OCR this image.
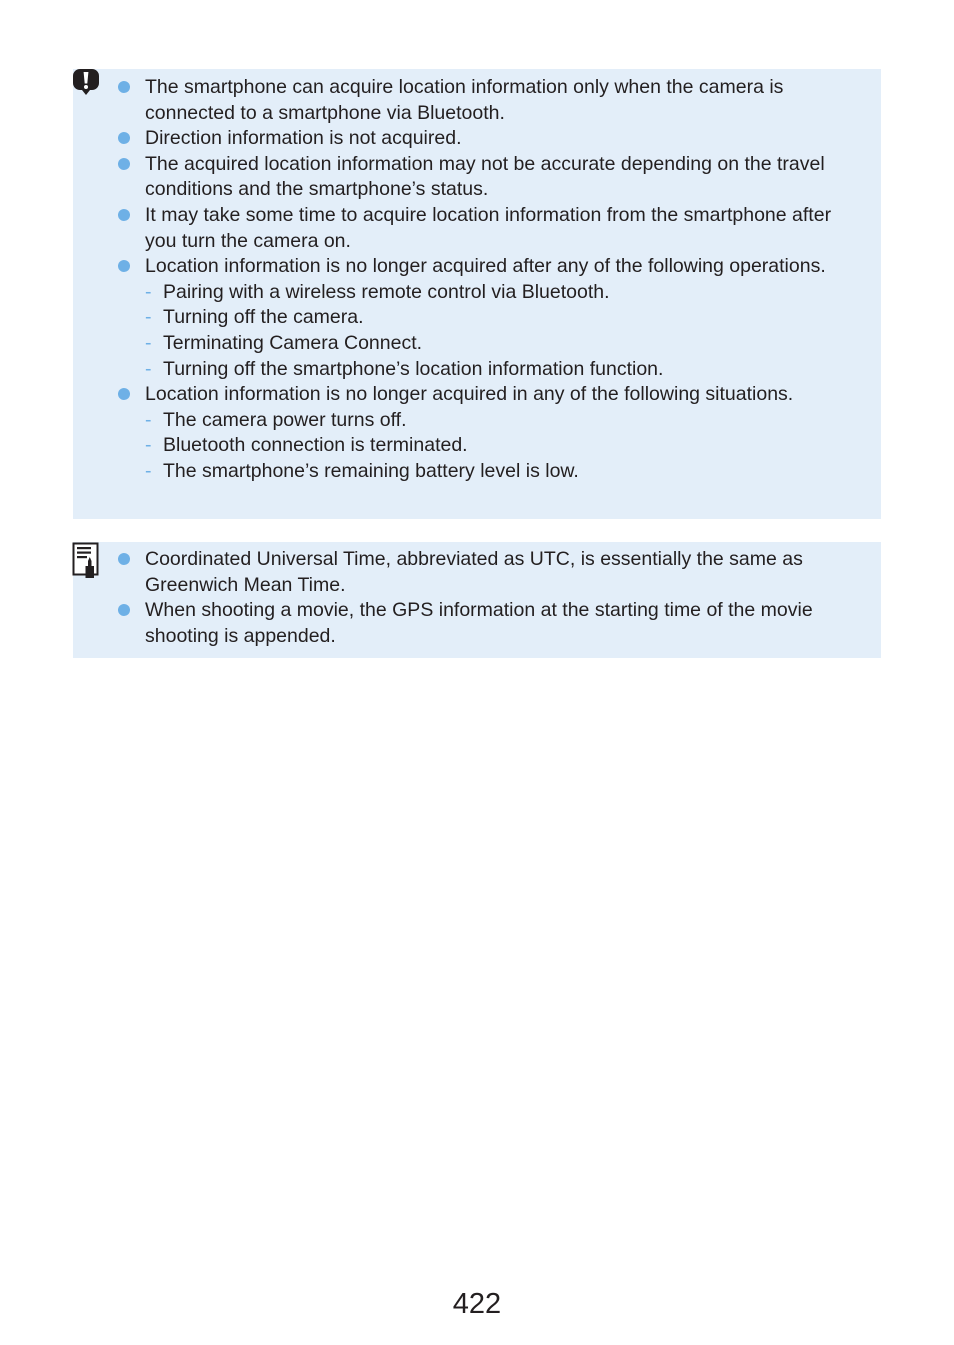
The smartphone can acquire location information only when the camera is connected to a smartphone via Bluetooth.
Direction information is not acquired.
The acquired location information may not be accurate depending on the travel conditions and the smartphone’s status.
It may take some time to acquire location information from the smartphone after you turn the camera on.
Location information is no longer acquired after any of the following operations.
- Pairing with a wireless remote control via Bluetooth.
- Turning off the camera.
- Terminating Camera Connect.
- Turning off the smartphone’s location information function.
Location information is no longer acquired in any of the following situations.
- The camera power turns off.
- Bluetooth connection is terminated.
- The smartphone’s remaining battery level is low.
Coordinated Universal Time, abbreviated as UTC, is essentially the same as Greenwich Mean Time.
When shooting a movie, the GPS information at the starting time of the movie shooting is appended.
422
